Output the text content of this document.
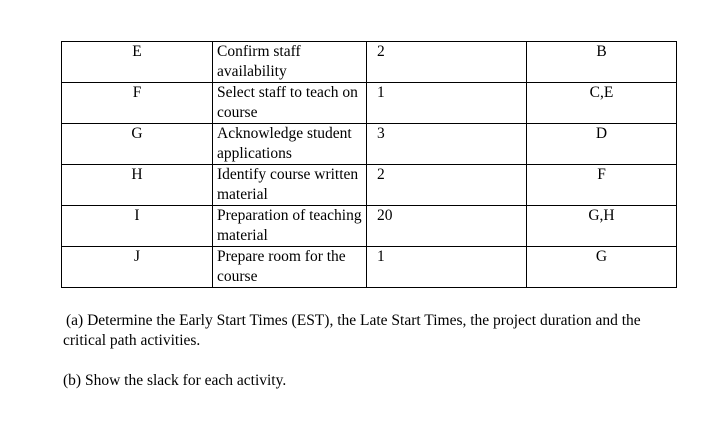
E	Confirm staff availability	2	B
F	Select staff to teach on course	1	C,E
G	Acknowledge student applications	3	D
H	Identify course written material	2	F
I	Preparation of teaching material	20	G,H
J	Prepare room for the course	1	G

(a) Determine the Early Start Times (EST), the Late Start Times, the project duration and the critical path activities.

(b) Show the slack for each activity.
